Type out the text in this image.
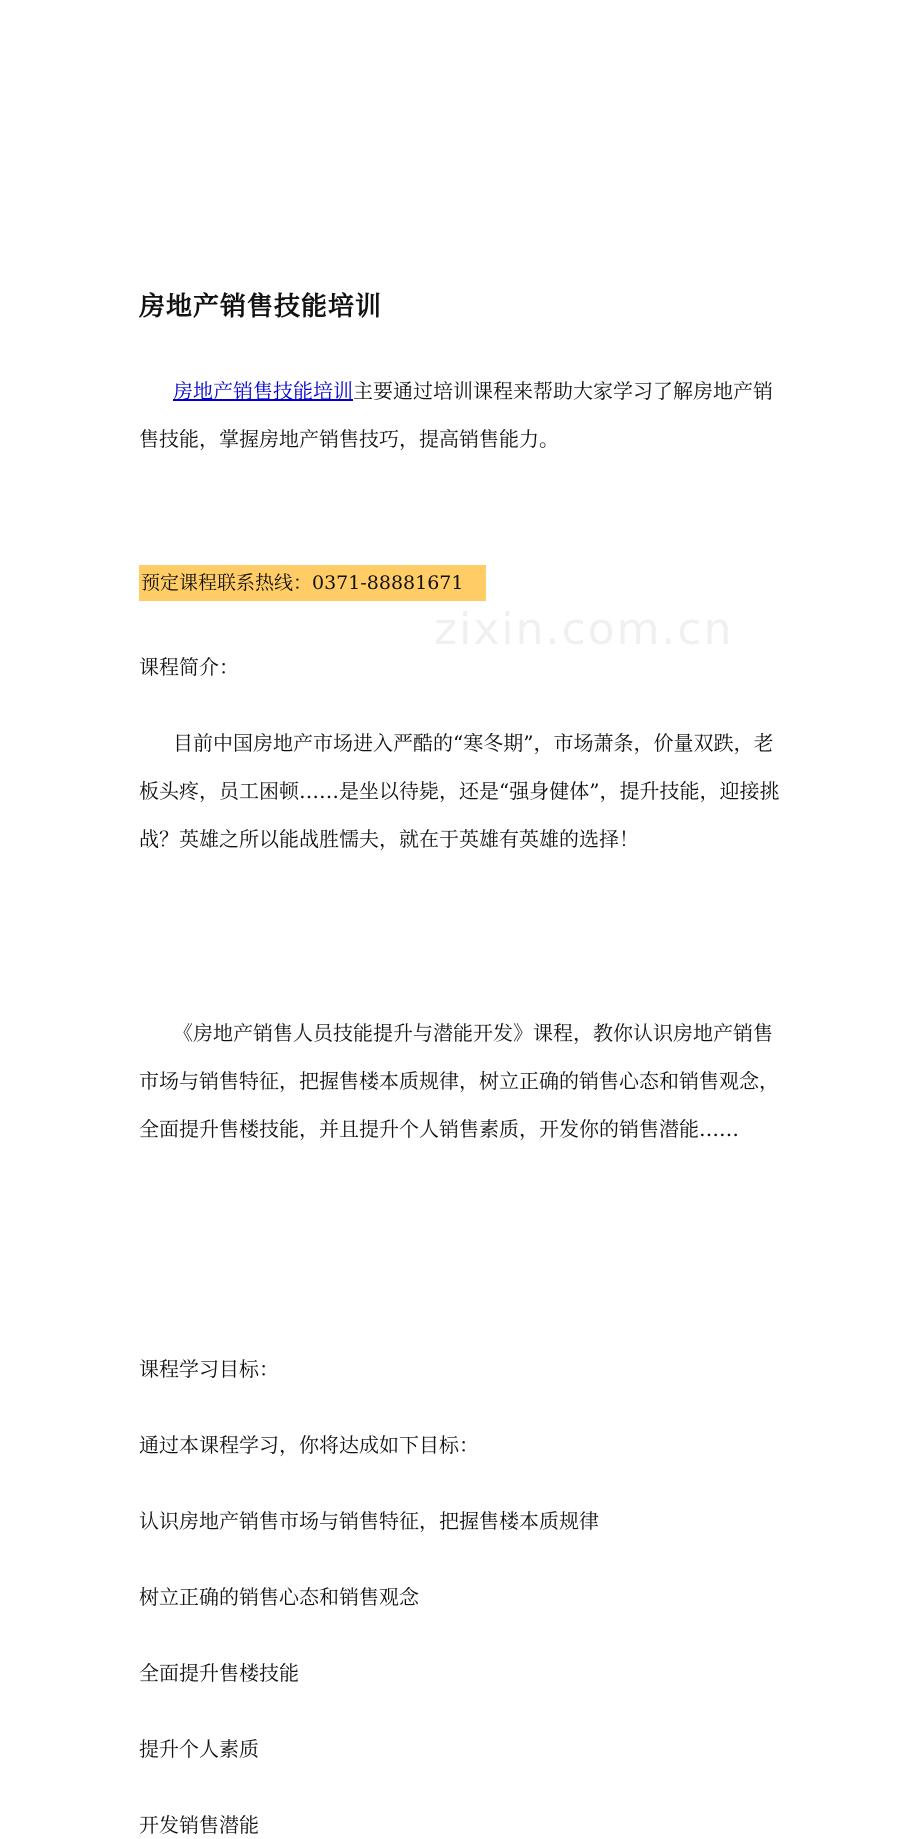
zixin.com.cn
房地产销售技能培训
房地产销售技能培训主要通过培训课程来帮助大家学习了解房地产销售技能，掌握房地产销售技巧，提高销售能力。
预定课程联系热线：0371-88881671
课程简介：
目前中国房地产市场进入严酷的“寒冬期”，市场萧条，价量双跌，老板头疼，员工困顿……是坐以待毙，还是“强身健体”，提升技能，迎接挑战？英雄之所以能战胜懦夫，就在于英雄有英雄的选择！
《房地产销售人员技能提升与潜能开发》课程，教你认识房地产销售市场与销售特征，把握售楼本质规律，树立正确的销售心态和销售观念，全面提升售楼技能，并且提升个人销售素质，开发你的销售潜能……
课程学习目标：
通过本课程学习，你将达成如下目标：
认识房地产销售市场与销售特征，把握售楼本质规律
树立正确的销售心态和销售观念
全面提升售楼技能
提升个人素质
开发销售潜能
